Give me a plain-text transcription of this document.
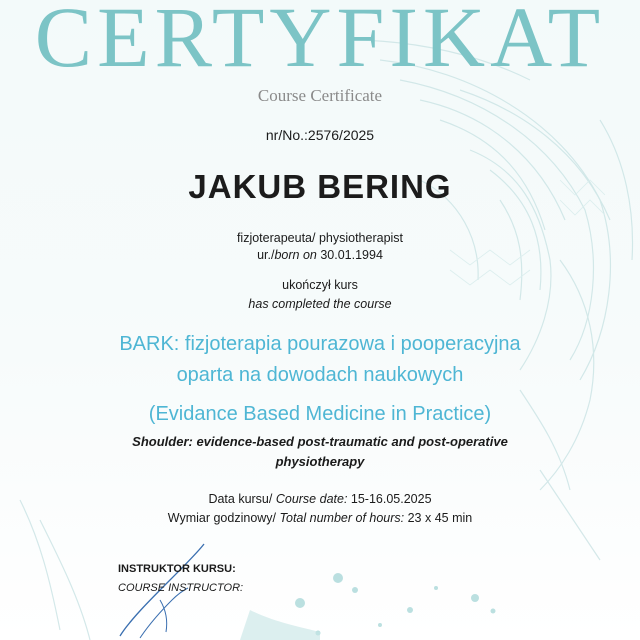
CERTYFIKAT
Course Certificate
nr/No.:2576/2025
JAKUB BERING
fizjoterapeuta/ physiotherapist
ur./born on 30.01.1994
ukończył kurs
has completed the course
BARK: fizjoterapia pourazowa i pooperacyjna
oparta na dowodach naukowych
(Evidance Based Medicine in Practice)
Shoulder: evidence-based post-traumatic and post-operative
physiotherapy
Data kursu/ Course date: 15-16.05.2025
Wymiar godzinowy/ Total number of hours: 23 x 45 min
INSTRUKTOR KURSU:
COURSE INSTRUCTOR:
